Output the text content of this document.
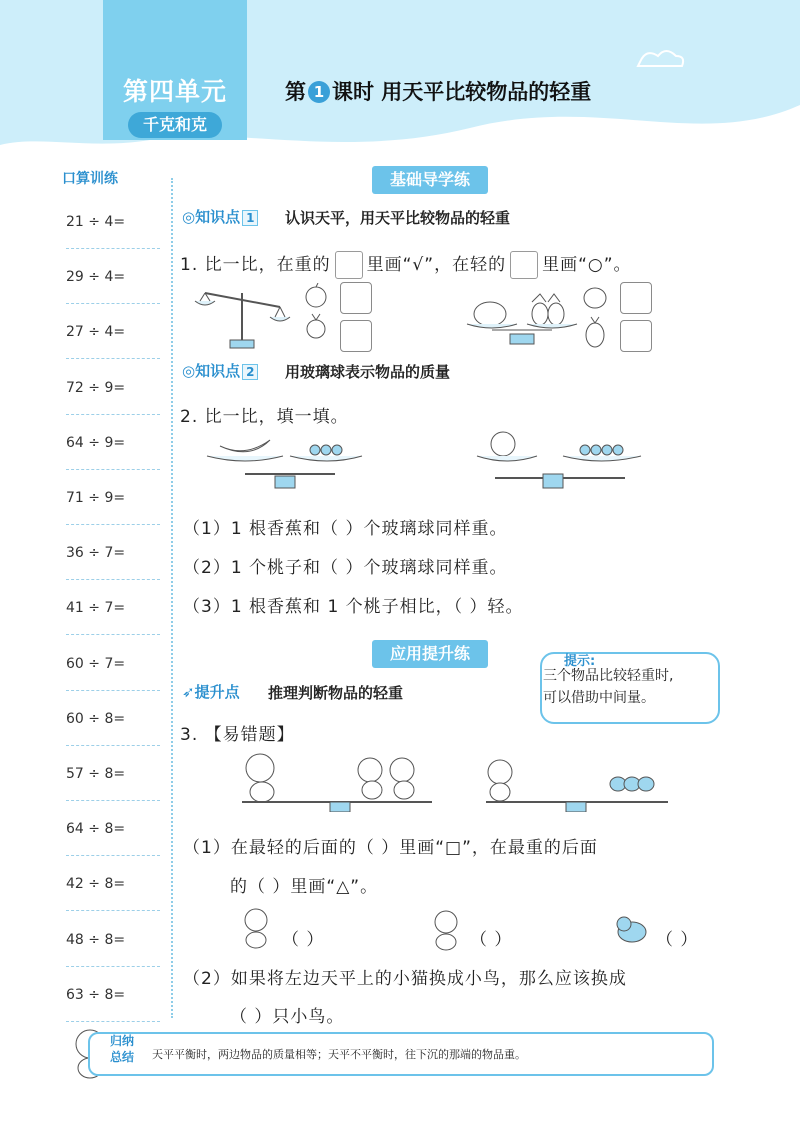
第四单元
千克和克
第 1 课时 用天平比较物品的轻重
口算训练
21 ÷ 4=
29 ÷ 4=
27 ÷ 4=
72 ÷ 9=
64 ÷ 9=
71 ÷ 9=
36 ÷ 7=
41 ÷ 7=
60 ÷ 7=
60 ÷ 8=
57 ÷ 8=
64 ÷ 8=
42 ÷ 8=
48 ÷ 8=
63 ÷ 8=
基础导学练
◎知识点 1 认识天平，用天平比较物品的轻重
1. 比一比，在重的 里画“√”，在轻的 里画“○”。
◎知识点 2 用玻璃球表示物品的质量
2. 比一比，填一填。
（1）1 根香蕉和（ ）个玻璃球同样重。
（2）1 个桃子和（ ）个玻璃球同样重。
（3）1 根香蕉和 1 个桃子相比，（ ）轻。
应用提升练
➶提升点 推理判断物品的轻重
提示:
三个物品比较轻重时,
可以借助中间量。
3. 【易错题】
（1）在最轻的后面的（ ）里画“□”，在最重的后面
的（ ）里画“△”。
（ ）	（ ）	（ ）
（2）如果将左边天平上的小猫换成小鸟，那么应该换成
（ ）只小鸟。
归纳
总结	天平平衡时，两边物品的质量相等；天平不平衡时，往下沉的那端的物品重。
